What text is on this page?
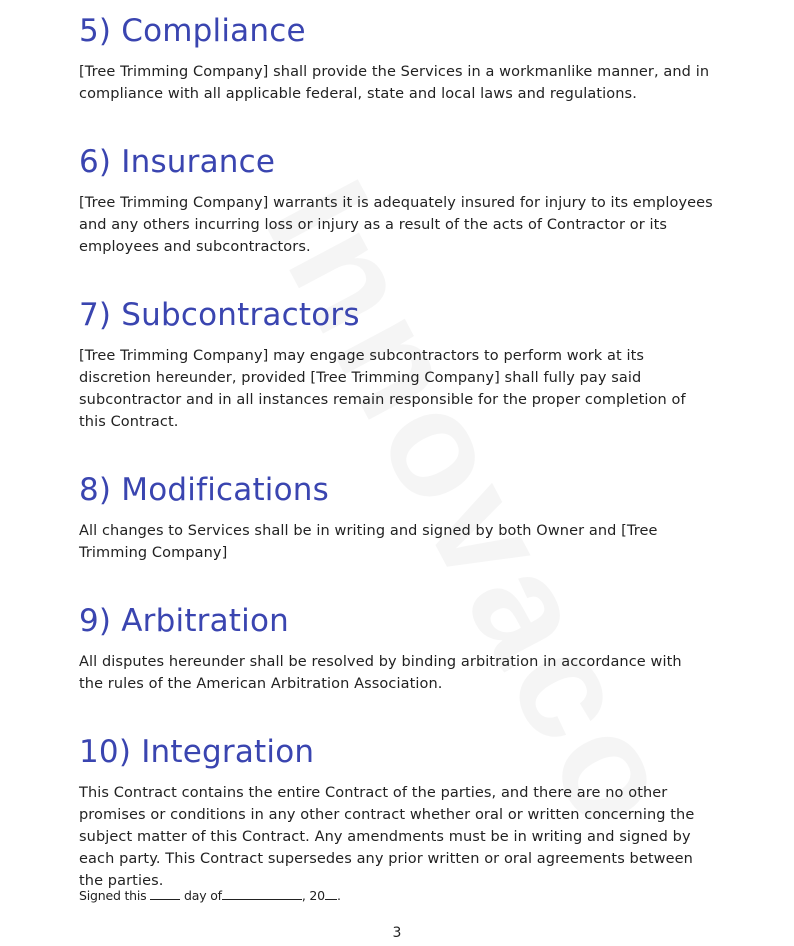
5) Compliance

[Tree Trimming Company] shall provide the Services in a workmanlike manner, and in
compliance with all applicable federal, state and local laws and regulations.

6) Insurance

[Tree Trimming Company] warrants it is adequately insured for injury to its employees
and any others incurring loss or injury as a result of the acts of Contractor or its
employees and subcontractors.

7) Subcontractors

[Tree Trimming Company] may engage subcontractors to perform work at its
discretion hereunder, provided [Tree Trimming Company] shall fully pay said
subcontractor and in all instances remain responsible for the proper completion of
this Contract.

8) Modifications

All changes to Services shall be in writing and signed by both Owner and [Tree
Trimming Company]

9) Arbitration

All disputes hereunder shall be resolved by binding arbitration in accordance with
the rules of the American Arbitration Association.

10) Integration

This Contract contains the entire Contract of the parties, and there are no other
promises or conditions in any other contract whether oral or written concerning the
subject matter of this Contract. Any amendments must be in writing and signed by
each party. This Contract supersedes any prior written or oral agreements between
the parties.

Signed this	day of	, 20 .
3
